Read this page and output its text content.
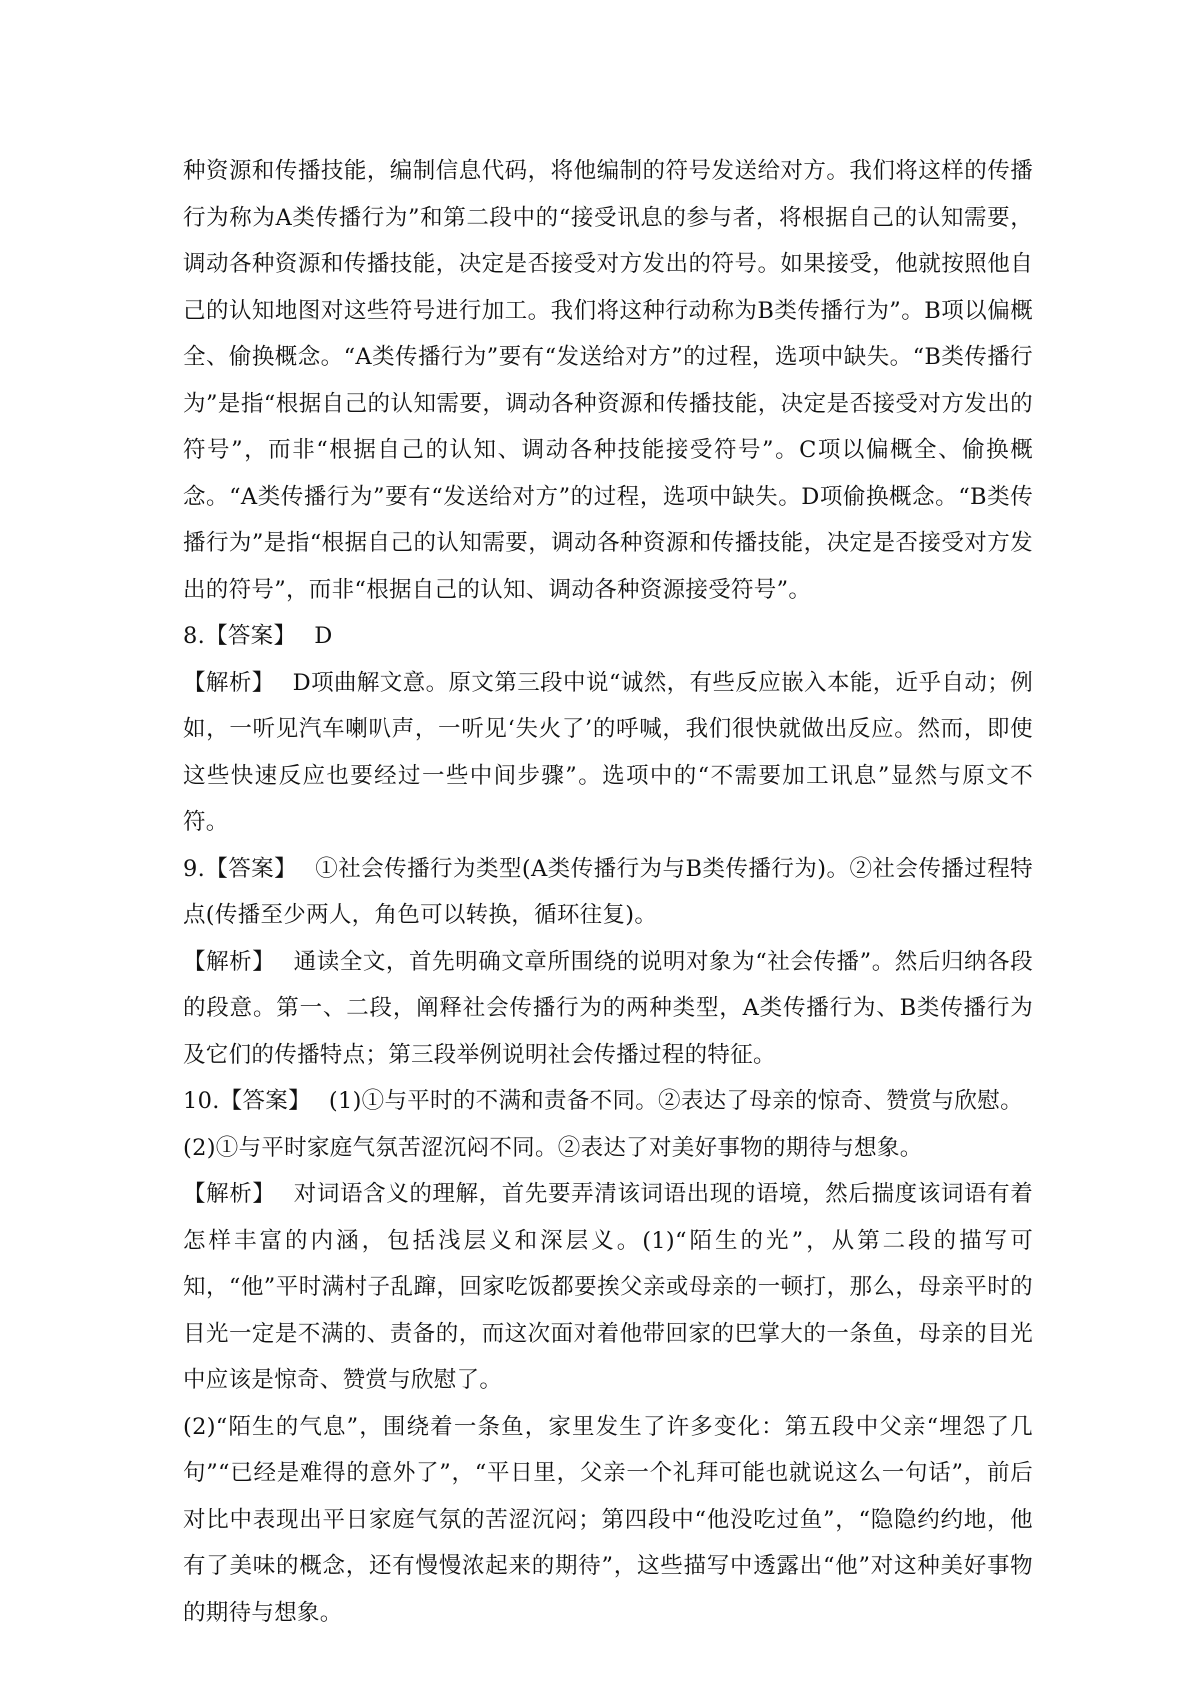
种资源和传播技能，编制信息代码，将他编制的符号发送给对方。我们将这样的传播行为称为A类传播行为”和第二段中的“接受讯息的参与者，将根据自己的认知需要，调动各种资源和传播技能，决定是否接受对方发出的符号。如果接受，他就按照他自己的认知地图对这些符号进行加工。我们将这种行动称为B类传播行为”。B项以偏概全、偷换概念。“A类传播行为”要有“发送给对方”的过程，选项中缺失。“B类传播行为”是指“根据自己的认知需要，调动各种资源和传播技能，决定是否接受对方发出的符号”，而非“根据自己的认知、调动各种技能接受符号”。C项以偏概全、偷换概念。“A类传播行为”要有“发送给对方”的过程，选项中缺失。D项偷换概念。“B类传播行为”是指“根据自己的认知需要，调动各种资源和传播技能，决定是否接受对方发出的符号”，而非“根据自己的认知、调动各种资源接受符号”。

8.【答案】 D

【解析】 D项曲解文意。原文第三段中说“诚然，有些反应嵌入本能，近乎自动；例如，一听见汽车喇叭声，一听见‘失火了’的呼喊，我们很快就做出反应。然而，即使这些快速反应也要经过一些中间步骤”。选项中的“不需要加工讯息”显然与原文不符。

9.【答案】 ①社会传播行为类型(A类传播行为与B类传播行为)。②社会传播过程特点(传播至少两人，角色可以转换，循环往复)。

【解析】 通读全文，首先明确文章所围绕的说明对象为“社会传播”。然后归纳各段的段意。第一、二段，阐释社会传播行为的两种类型，A类传播行为、B类传播行为及它们的传播特点；第三段举例说明社会传播过程的特征。

10.【答案】 (1)①与平时的不满和责备不同。②表达了母亲的惊奇、赞赏与欣慰。

(2)①与平时家庭气氛苦涩沉闷不同。②表达了对美好事物的期待与想象。

【解析】 对词语含义的理解，首先要弄清该词语出现的语境，然后揣度该词语有着怎样丰富的内涵，包括浅层义和深层义。(1)“陌生的光”，从第二段的描写可知，“他”平时满村子乱蹿，回家吃饭都要挨父亲或母亲的一顿打，那么，母亲平时的目光一定是不满的、责备的，而这次面对着他带回家的巴掌大的一条鱼，母亲的目光中应该是惊奇、赞赏与欣慰了。

(2)“陌生的气息”，围绕着一条鱼，家里发生了许多变化：第五段中父亲“埋怨了几句”“已经是难得的意外了”，“平日里，父亲一个礼拜可能也就说这么一句话”，前后对比中表现出平日家庭气氛的苦涩沉闷；第四段中“他没吃过鱼”，“隐隐约约地，他有了美味的概念，还有慢慢浓起来的期待”，这些描写中透露出“他”对这种美好事物的期待与想象。
